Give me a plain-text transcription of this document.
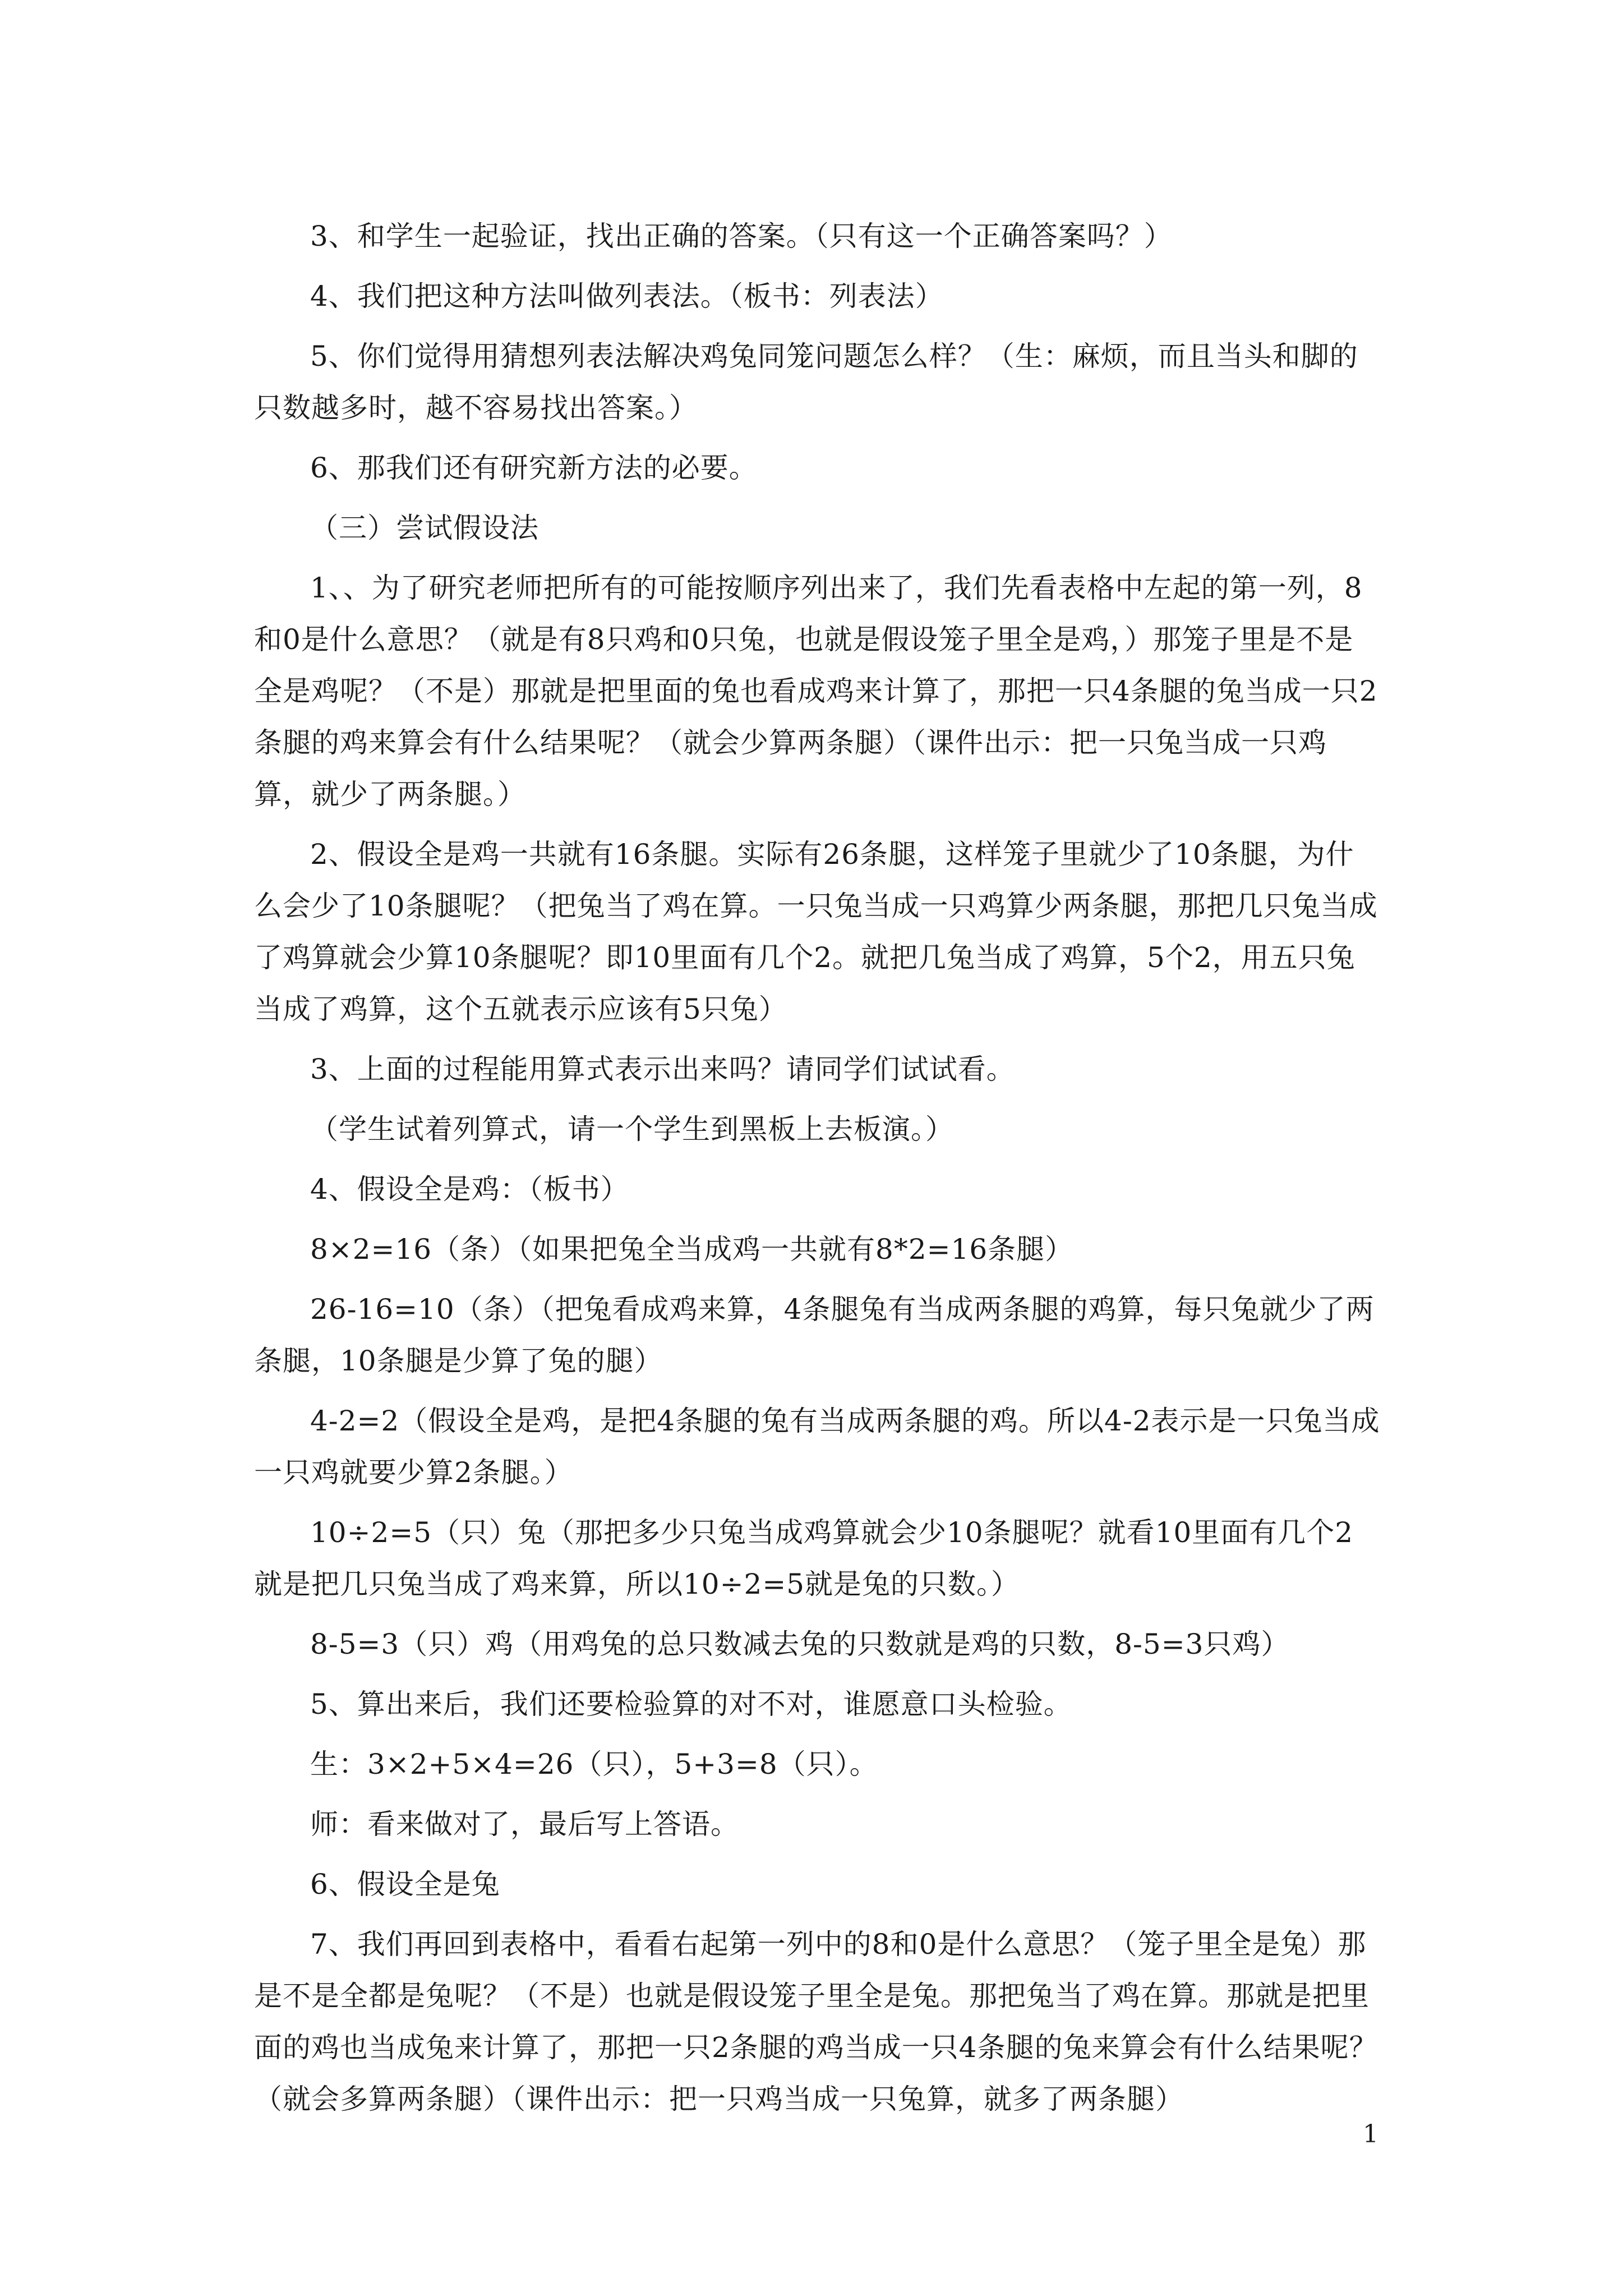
3、和学生一起验证，找出正确的答案。（只有这一个正确答案吗？）

4、我们把这种方法叫做列表法。（板书：列表法）

5、你们觉得用猜想列表法解决鸡兔同笼问题怎么样？（生：麻烦，而且当头和脚的只数越多时，越不容易找出答案。）

6、那我们还有研究新方法的必要。

（三）尝试假设法

1、、为了研究老师把所有的可能按顺序列出来了，我们先看表格中左起的第一列，8和0是什么意思？（就是有8只鸡和0只兔，也就是假设笼子里全是鸡，）那笼子里是不是全是鸡呢？（不是）那就是把里面的兔也看成鸡来计算了，那把一只4条腿的兔当成一只2条腿的鸡来算会有什么结果呢？（就会少算两条腿）（课件出示：把一只兔当成一只鸡算，就少了两条腿。）

2、假设全是鸡一共就有16条腿。实际有26条腿，这样笼子里就少了10条腿，为什么会少了10条腿呢？（把兔当了鸡在算。一只兔当成一只鸡算少两条腿，那把几只兔当成了鸡算就会少算10条腿呢？即10里面有几个2。就把几兔当成了鸡算，5个2，用五只兔当成了鸡算，这个五就表示应该有5只兔）

3、上面的过程能用算式表示出来吗？请同学们试试看。

（学生试着列算式，请一个学生到黑板上去板演。）

4、假设全是鸡：（板书）

8×2=16（条）（如果把兔全当成鸡一共就有8*2=16条腿）

26-16=10（条）（把兔看成鸡来算，4条腿兔有当成两条腿的鸡算，每只兔就少了两条腿，10条腿是少算了兔的腿）

4-2=2（假设全是鸡，是把4条腿的兔有当成两条腿的鸡。所以4-2表示是一只兔当成一只鸡就要少算2条腿。）

10÷2=5（只）兔（那把多少只兔当成鸡算就会少10条腿呢？就看10里面有几个2就是把几只兔当成了鸡来算，所以10÷2=5就是兔的只数。）

8-5=3（只）鸡（用鸡兔的总只数减去兔的只数就是鸡的只数，8-5=3只鸡）

5、算出来后，我们还要检验算的对不对，谁愿意口头检验。

生：3×2+5×4=26（只），5+3=8（只）。

师：看来做对了，最后写上答语。

6、假设全是兔

7、我们再回到表格中，看看右起第一列中的8和0是什么意思？（笼子里全是兔）那是不是全都是兔呢？（不是）也就是假设笼子里全是兔。那把兔当了鸡在算。那就是把里面的鸡也当成兔来计算了，那把一只2条腿的鸡当成一只4条腿的兔来算会有什么结果呢？（就会多算两条腿）（课件出示：把一只鸡当成一只兔算，就多了两条腿）

1
